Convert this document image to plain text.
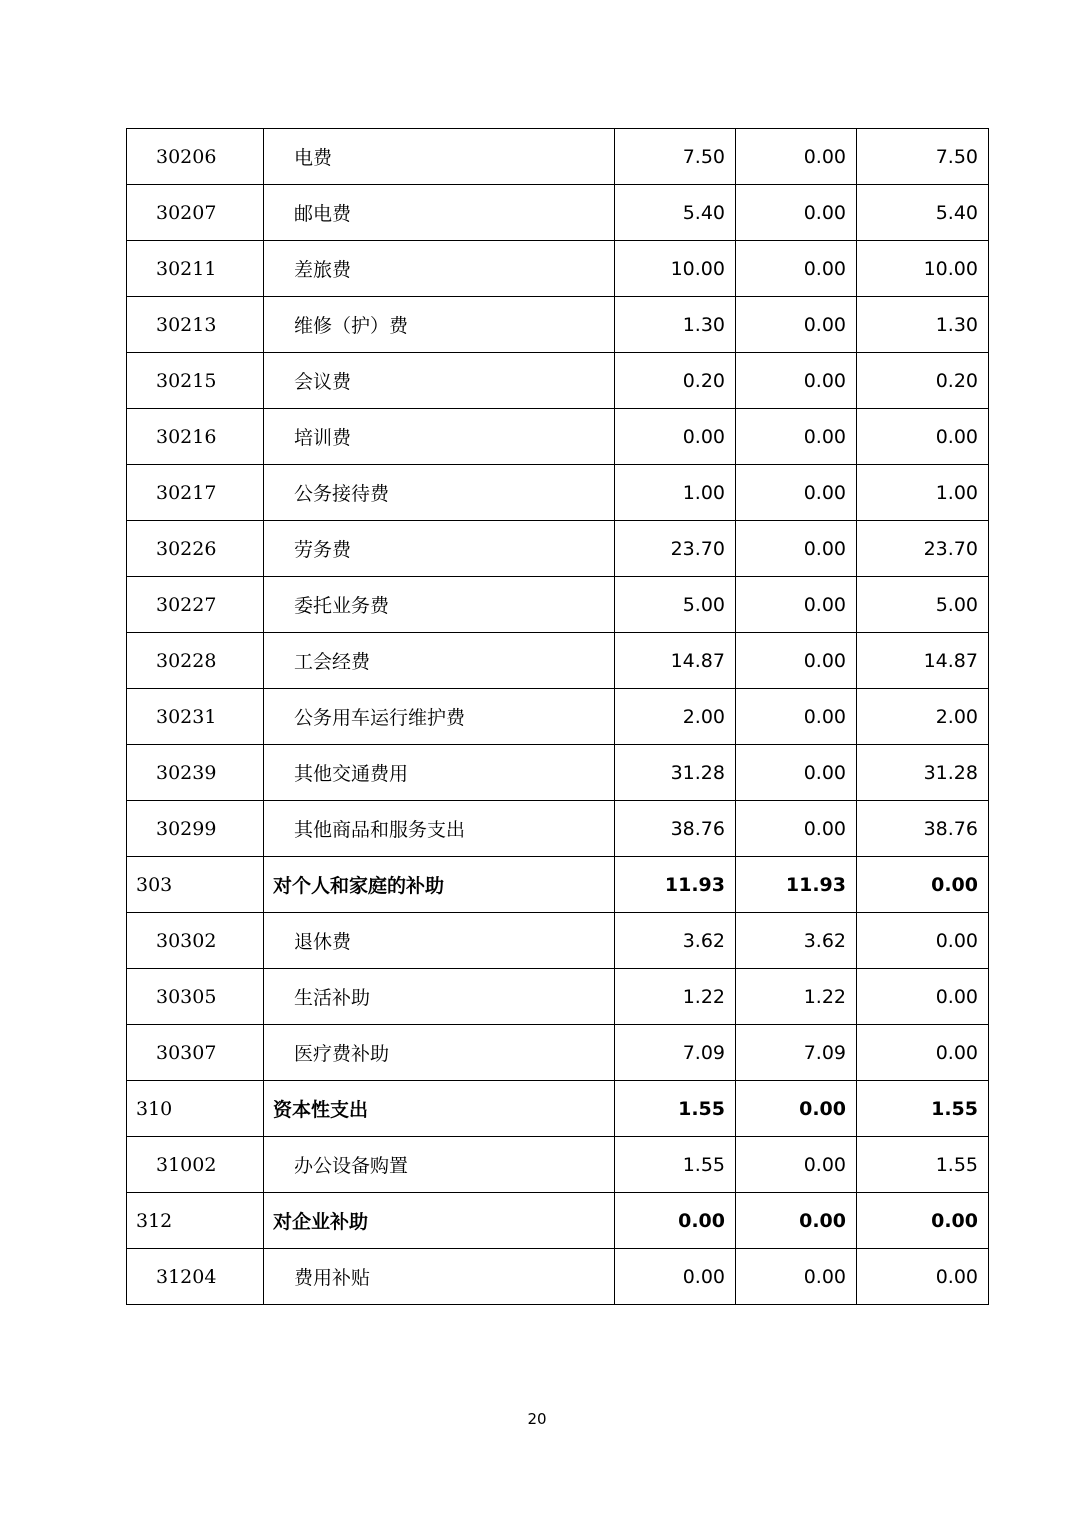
30206	电费	7.50	0.00	7.50
30207	邮电费	5.40	0.00	5.40
30211	差旅费	10.00	0.00	10.00
30213	维修（护）费	1.30	0.00	1.30
30215	会议费	0.20	0.00	0.20
30216	培训费	0.00	0.00	0.00
30217	公务接待费	1.00	0.00	1.00
30226	劳务费	23.70	0.00	23.70
30227	委托业务费	5.00	0.00	5.00
30228	工会经费	14.87	0.00	14.87
30231	公务用车运行维护费	2.00	0.00	2.00
30239	其他交通费用	31.28	0.00	31.28
30299	其他商品和服务支出	38.76	0.00	38.76
303	对个人和家庭的补助	11.93	11.93	0.00
30302	退休费	3.62	3.62	0.00
30305	生活补助	1.22	1.22	0.00
30307	医疗费补助	7.09	7.09	0.00
310	资本性支出	1.55	0.00	1.55
31002	办公设备购置	1.55	0.00	1.55
312	对企业补助	0.00	0.00	0.00
31204	费用补贴	0.00	0.00	0.00
20
